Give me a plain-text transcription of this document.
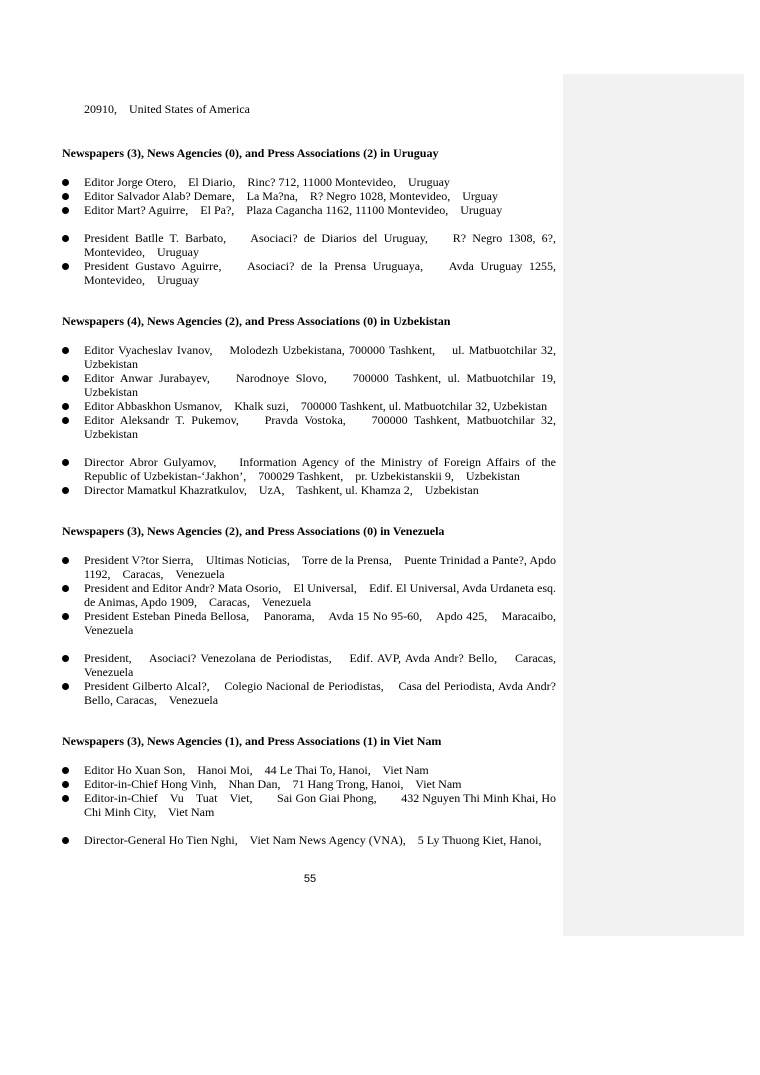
20910,    United States of America
Newspapers (3), News Agencies (0), and Press Associations (2) in Uruguay
Editor Jorge Otero,    El Diario,    Rinc? 712, 11000 Montevideo,    Uruguay
Editor Salvador Alab? Demare,    La Ma?na,    R? Negro 1028, Montevideo,    Urguay
Editor Mart? Aguirre,    El Pa?,    Plaza Cagancha 1162, 11100 Montevideo,    Uruguay
President Batlle T. Barbato,    Asociaci? de Diarios del Uruguay,    R? Negro 1308, 6?, Montevideo,    Uruguay
President Gustavo Aguirre,    Asociaci? de la Prensa Uruguaya,    Avda Uruguay 1255, Montevideo,    Uruguay
Newspapers (4), News Agencies (2), and Press Associations (0) in Uzbekistan
Editor Vyacheslav Ivanov,    Molodezh Uzbekistana, 700000 Tashkent,    ul. Matbuotchilar 32, Uzbekistan
Editor Anwar Jurabayev,    Narodnoye Slovo,    700000 Tashkent, ul. Matbuotchilar 19, Uzbekistan
Editor Abbaskhon Usmanov,    Khalk suzi,    700000 Tashkent, ul. Matbuotchilar 32, Uzbekistan
Editor Aleksandr T. Pukemov,    Pravda Vostoka,    700000 Tashkent, Matbuotchilar 32, Uzbekistan
Director Abror Gulyamov,    Information Agency of the Ministry of Foreign Affairs of the Republic of Uzbekistan-‘Jakhon’,    700029 Tashkent,    pr. Uzbekistanskii 9,    Uzbekistan
Director Mamatkul Khazratkulov,    UzA,    Tashkent, ul. Khamza 2,    Uzbekistan
Newspapers (3), News Agencies (2), and Press Associations (0) in Venezuela
President V?tor Sierra,    Ultimas Noticias,    Torre de la Prensa,    Puente Trinidad a Pante?, Apdo 1192,    Caracas,    Venezuela
President and Editor Andr? Mata Osorio,    El Universal,    Edif. El Universal, Avda Urdaneta esq. de Animas, Apdo 1909,    Caracas,    Venezuela
President Esteban Pineda Bellosa,    Panorama,    Avda 15 No 95-60,    Apdo 425,    Maracaibo, Venezuela
President,    Asociaci? Venezolana de Periodistas,    Edif. AVP, Avda Andr? Bello,    Caracas, Venezuela
President Gilberto Alcal?,    Colegio Nacional de Periodistas,    Casa del Periodista, Avda Andr? Bello, Caracas,    Venezuela
Newspapers (3), News Agencies (1), and Press Associations (1) in Viet Nam
Editor Ho Xuan Son,    Hanoi Moi,    44 Le Thai To, Hanoi,    Viet Nam
Editor-in-Chief Hong Vinh,    Nhan Dan,    71 Hang Trong, Hanoi,    Viet Nam
Editor-in-Chief    Vu    Tuat    Viet,        Sai Gon Giai Phong,        432 Nguyen Thi Minh Khai, Ho Chi Minh City,    Viet Nam
Director-General Ho Tien Nghi,    Viet Nam News Agency (VNA),    5 Ly Thuong Kiet, Hanoi,
55
